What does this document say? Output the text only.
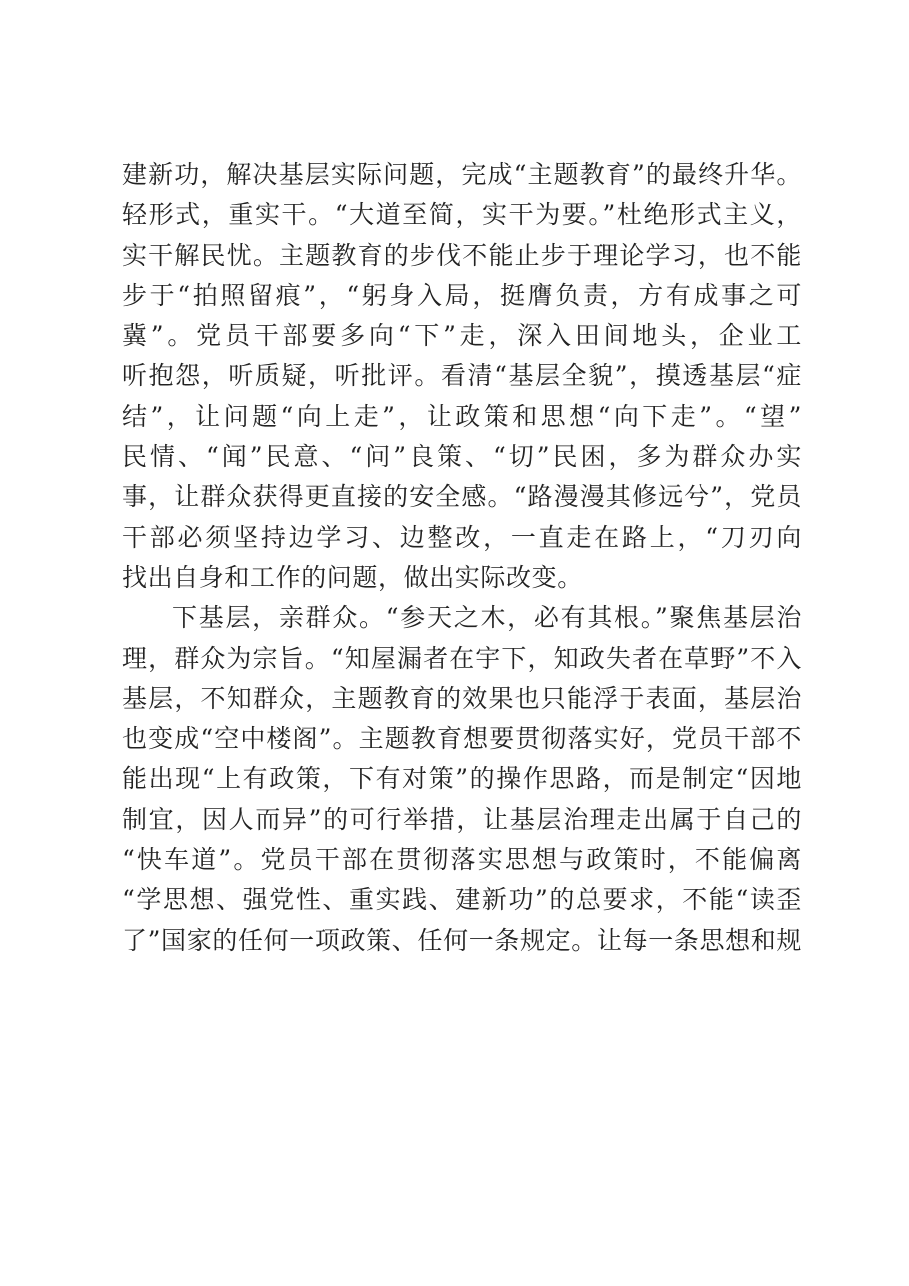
建新功，解决基层实际问题，完成“主题教育”的最终升华。
轻形式，重实干。“大道至简，实干为要。”杜绝形式主义，
实干解民忧。主题教育的步伐不能止步于理论学习，也不能
步于“拍照留痕”，“躬身入局，挺膺负责，方有成事之可
冀”。党员干部要多向“下”走，深入田间地头，企业工
听抱怨，听质疑，听批评。看清“基层全貌”，摸透基层“症
结”，让问题“向上走”，让政策和思想“向下走”。“望”
民情、“闻”民意、“问”良策、“切”民困，多为群众办实
事，让群众获得更直接的安全感。“路漫漫其修远兮”，党员
干部必须坚持边学习、边整改，一直走在路上，“刀刃向
找出自身和工作的问题，做出实际改变。
下基层，亲群众。“参天之木，必有其根。”聚焦基层治
理，群众为宗旨。“知屋漏者在宇下，知政失者在草野”不入
基层，不知群众，主题教育的效果也只能浮于表面，基层治
也变成“空中楼阁”。主题教育想要贯彻落实好，党员干部不
能出现“上有政策，下有对策”的操作思路，而是制定“因地
制宜，因人而异”的可行举措，让基层治理走出属于自己的
“快车道”。党员干部在贯彻落实思想与政策时，不能偏离
“学思想、强党性、重实践、建新功”的总要求，不能“读歪
了”国家的任何一项政策、任何一条规定。让每一条思想和规
